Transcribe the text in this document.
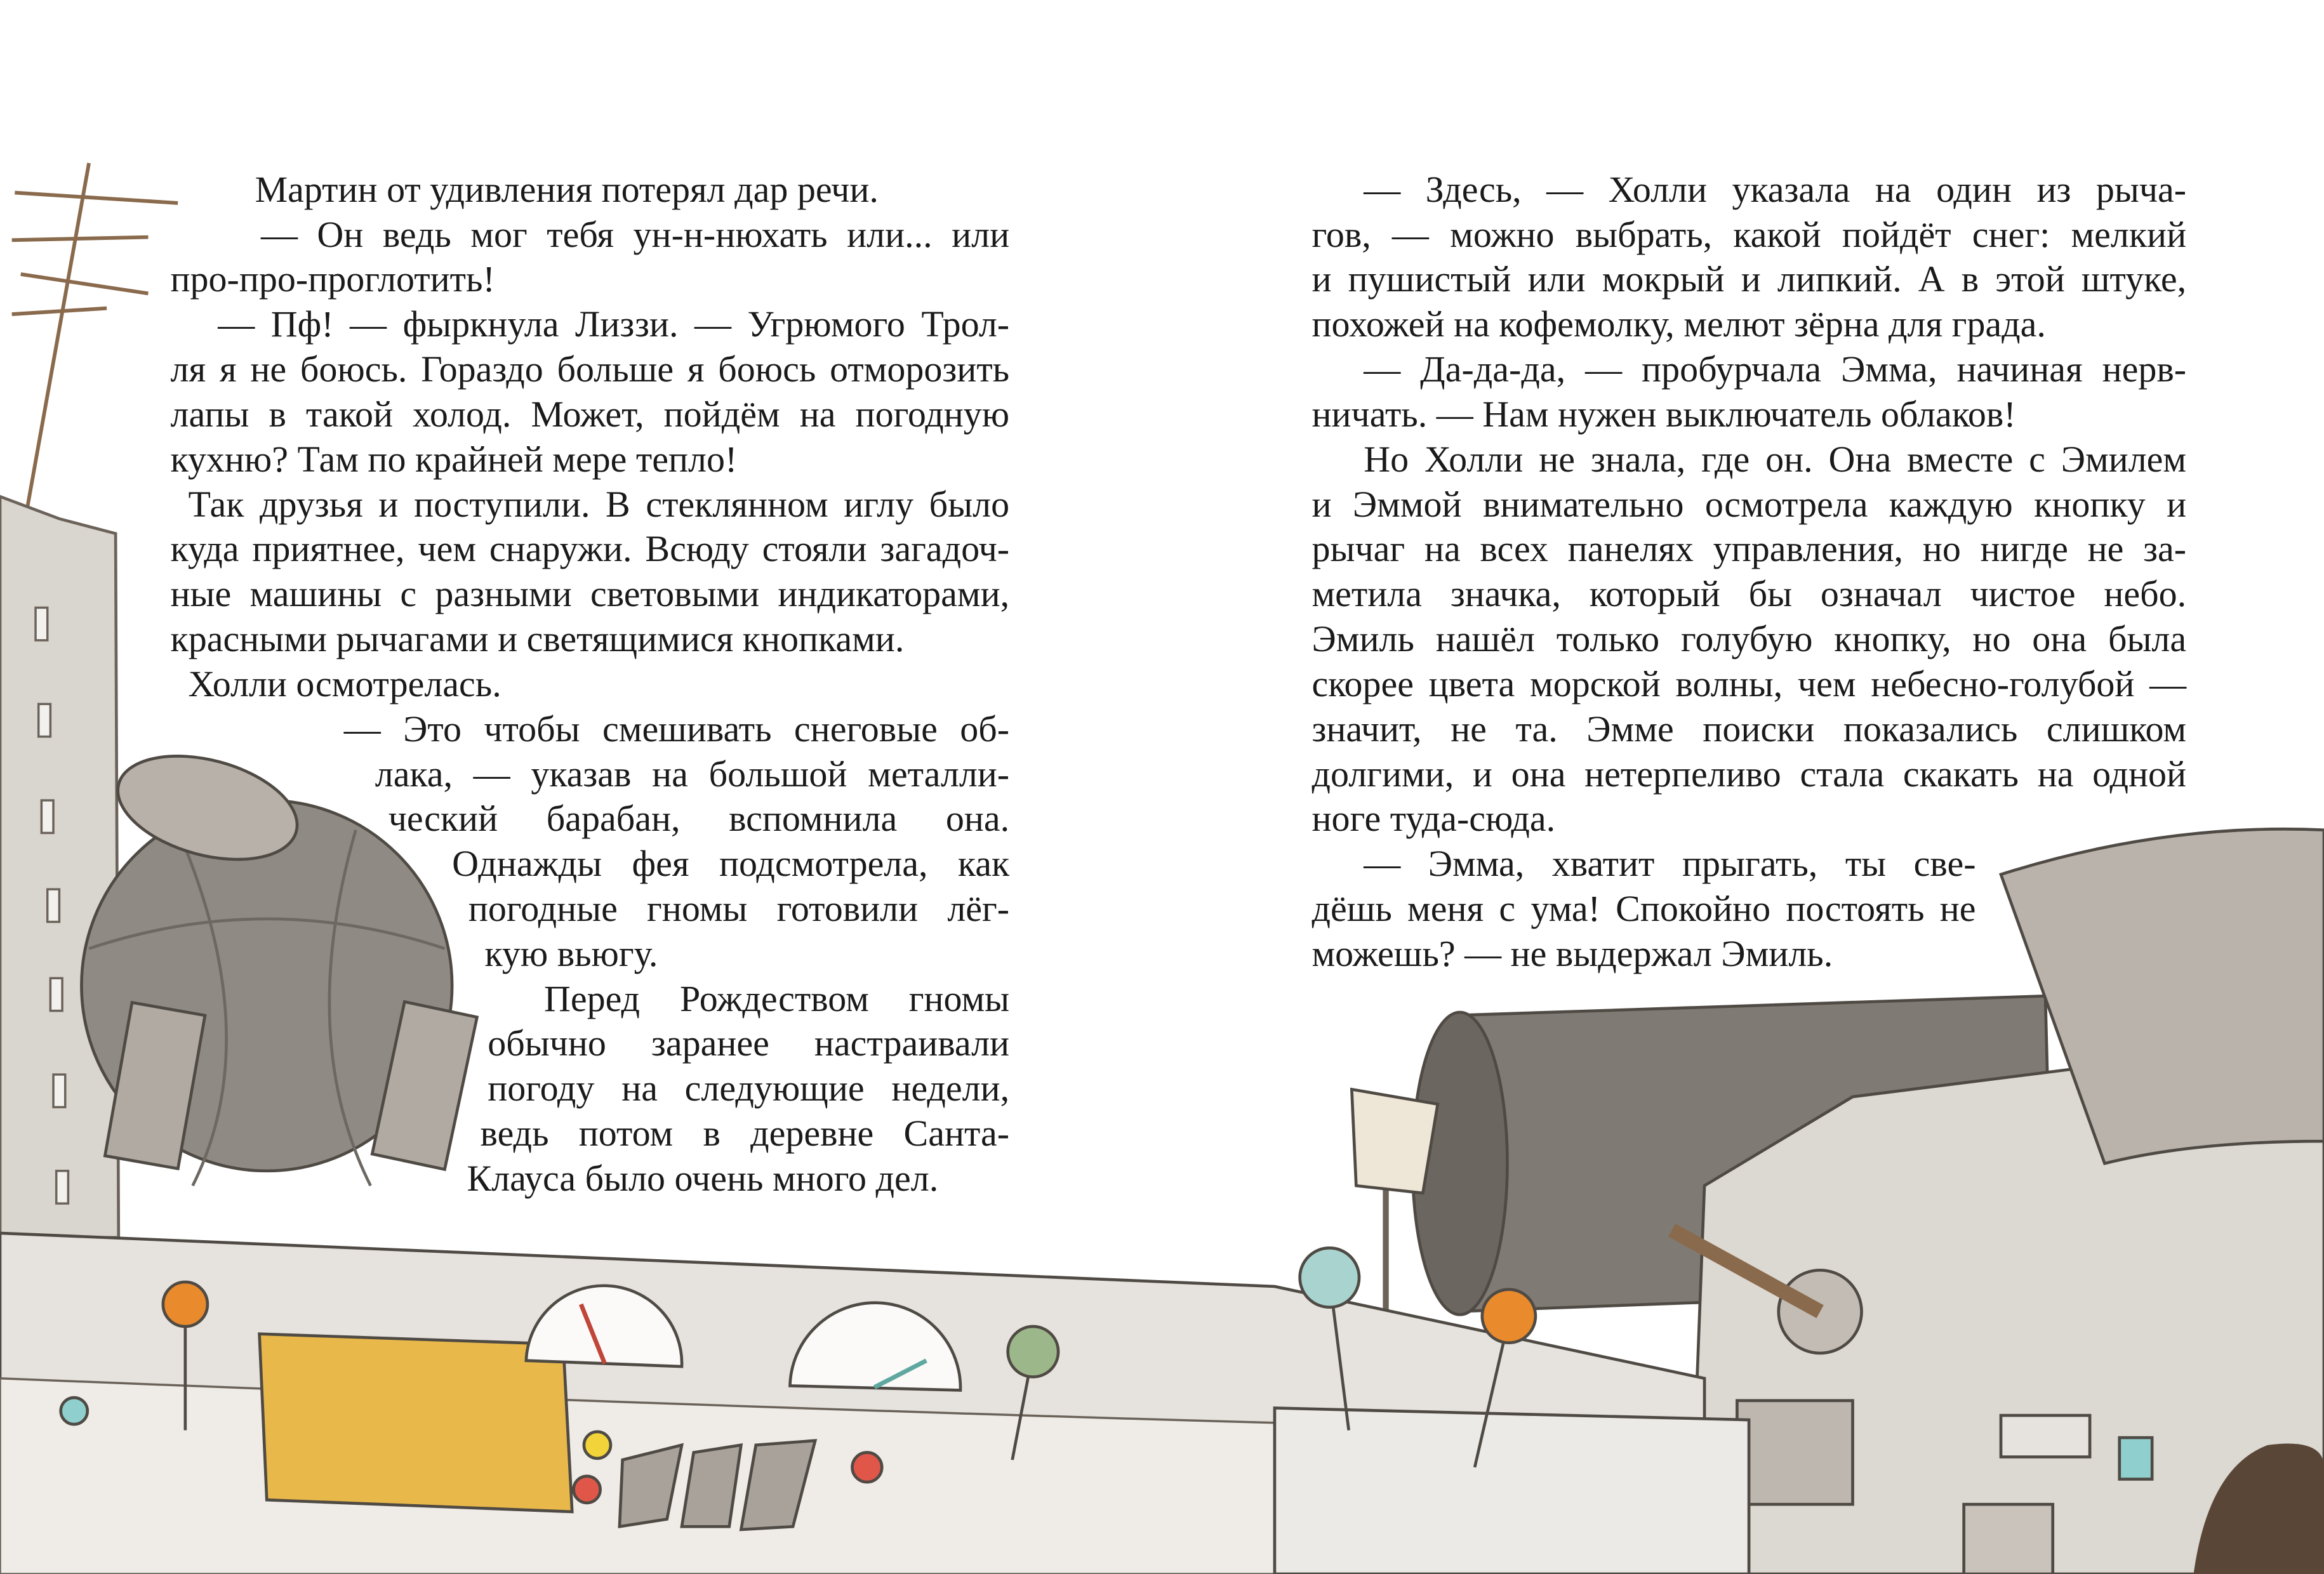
Мартин от удивления потерял дар речи.
— Он ведь мог тебя ун-н-нюхать или... или
про-про-проглотить!
— Пф! — фыркнула Лиззи. — Угрюмого Трол-
ля я не боюсь. Гораздо больше я боюсь отморозить
лапы в такой холод. Может, пойдём на погодную
кухню? Там по крайней мере тепло!
Так друзья и поступили. В стеклянном иглу было
куда приятнее, чем снаружи. Всюду стояли загадоч-
ные машины с разными световыми индикаторами,
красными рычагами и светящимися кнопками.
Холли осмотрелась.
— Это чтобы смешивать снеговые об-
лака, — указав на большой металли-
ческий барабан, вспомнила она.
Однажды фея подсмотрела, как
погодные гномы готовили лёг-
кую вьюгу.
Перед Рождеством гномы
обычно заранее настраивали
погоду на следующие недели,
ведь потом в деревне Санта-
Клауса было очень много дел.
— Здесь, — Холли указала на один из рыча-
гов, — можно выбрать, какой пойдёт снег: мелкий
и пушистый или мокрый и липкий. А в этой штуке,
похожей на кофемолку, мелют зёрна для града.
— Да-да-да, — пробурчала Эмма, начиная нерв-
ничать. — Нам нужен выключатель облаков!
Но Холли не знала, где он. Она вместе с Эмилем
и Эммой внимательно осмотрела каждую кнопку и
рычаг на всех панелях управления, но нигде не за-
метила значка, который бы означал чистое небо.
Эмиль нашёл только голубую кнопку, но она была
скорее цвета морской волны, чем небесно-голубой —
значит, не та. Эмме поиски показались слишком
долгими, и она нетерпеливо стала скакать на одной
ноге туда-сюда.
— Эмма, хватит прыгать, ты све-
дёшь меня с ума! Спокойно постоять не
можешь? — не выдержал Эмиль.
